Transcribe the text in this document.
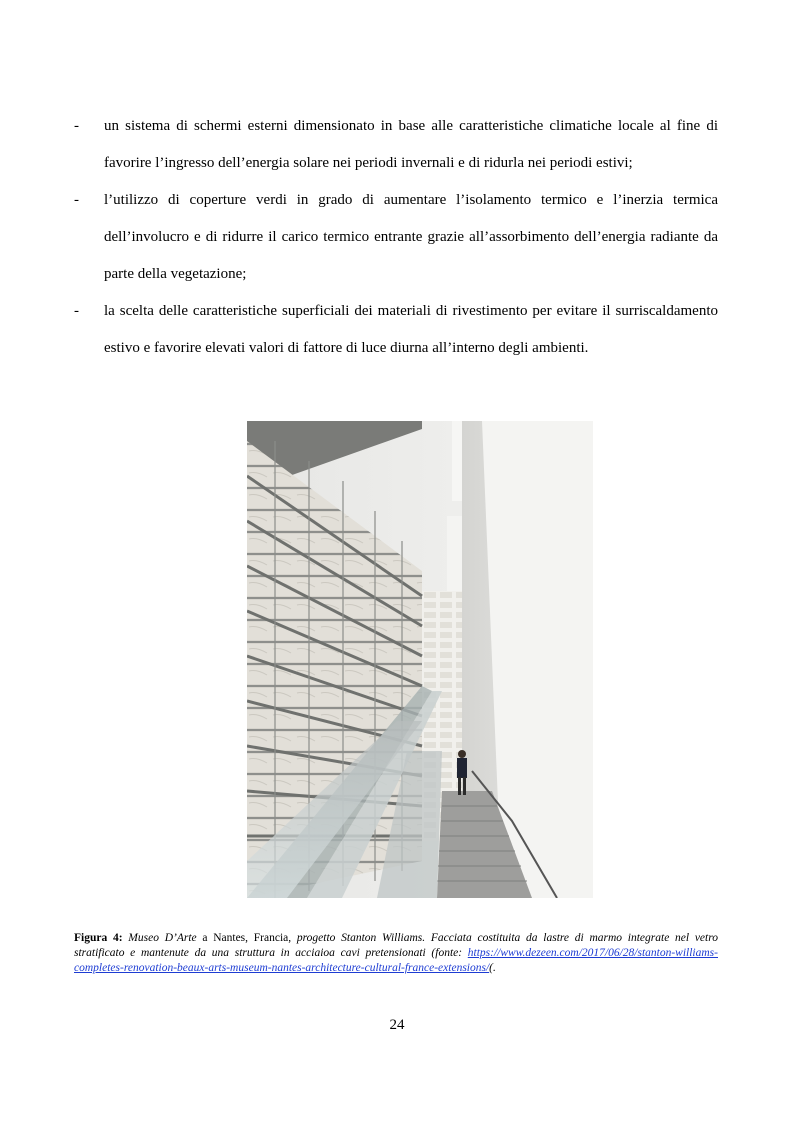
- un sistema di schermi esterni dimensionato in base alle caratteristiche climatiche locale al fine di favorire l’ingresso dell’energia solare nei periodi invernali e di ridurla nei periodi estivi;
- l’utilizzo di coperture verdi in grado di aumentare l’isolamento termico e l’inerzia termica dell’involucro e di ridurre il carico termico entrante grazie all’assorbimento dell’energia radiante da parte della vegetazione;
- la scelta delle caratteristiche superficiali dei materiali di rivestimento per evitare il surriscaldamento estivo e favorire elevati valori di fattore di luce diurna all’interno degli ambienti.
Figura 4: Museo D’Arte a Nantes, Francia, progetto Stanton Williams. Facciata costituita da lastre di marmo integrate nel vetro stratificato e mantenute da una struttura in acciaioa cavi pretensionati (fonte: https://www.dezeen.com/2017/06/28/stanton-williams-completes-renovation-beaux-arts-museum-nantes-architecture-cultural-france-extensions/(.
24
